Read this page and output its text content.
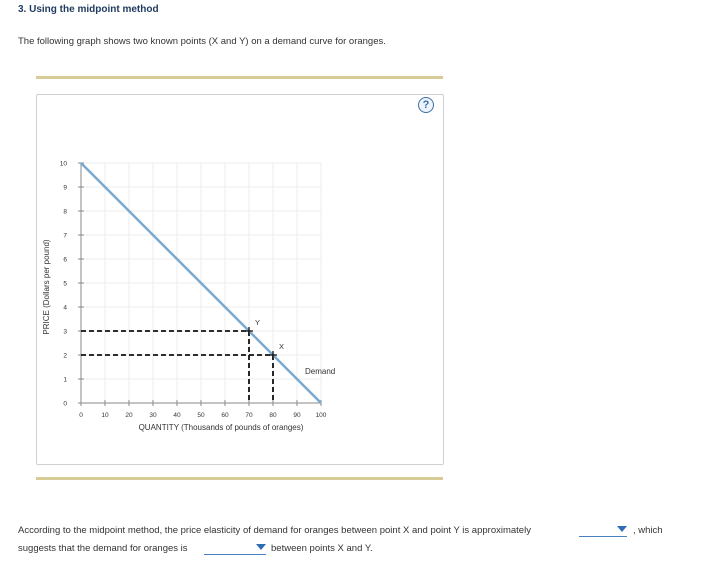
3. Using the midpoint method
The following graph shows two known points (X and Y) on a demand curve for oranges.
?
0	10	20	30	40	50	60	70	80	90 100
0
1
2
3
4
5
6
7
8
9
10
Y
X
PRICE (Dollars per pound)
QUANTITY (Thousands of pounds of oranges)
Demand
According to the midpoint method, the price elasticity of demand for oranges between point X and point Y is approximately	, which
suggests that the demand for oranges is	between points X and Y.
